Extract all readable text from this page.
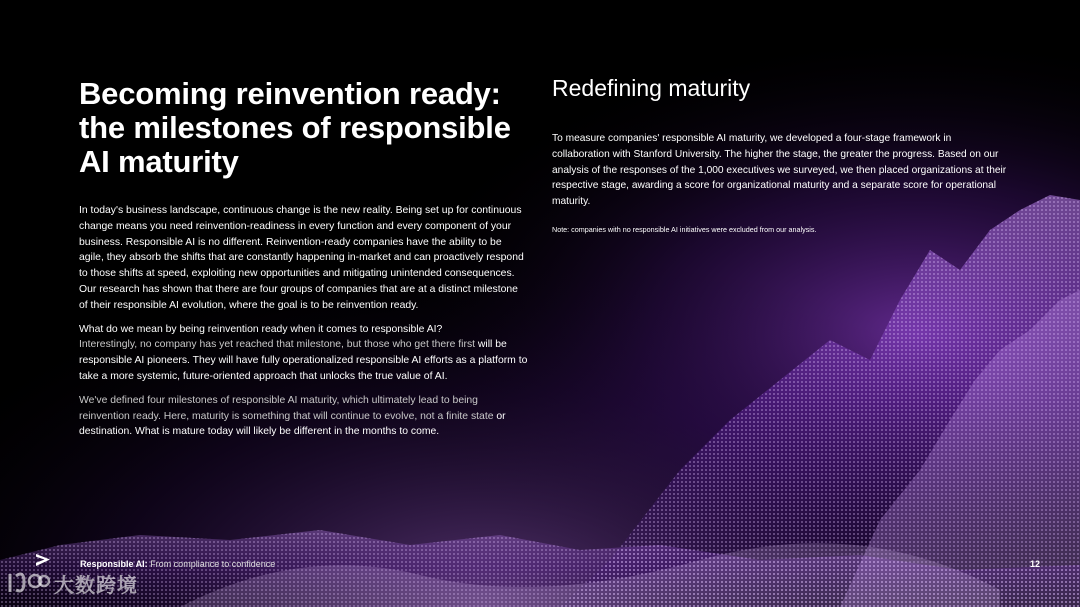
Becoming reinvention ready:
the milestones of responsible
AI maturity

In today's business landscape, continuous change is the new reality. Being set up for continuous change means you need reinvention-readiness in every function and every component of your business. Responsible AI is no different. Reinvention-ready companies have the ability to be agile, they absorb the shifts that are constantly happening in-market and can proactively respond to those shifts at speed, exploiting new opportunities and mitigating unintended consequences. Our research has shown that there are four groups of companies that are at a distinct milestone of their responsible AI evolution, where the goal is to be reinvention ready.

What do we mean by being reinvention ready when it comes to responsible AI?
Interestingly, no company has yet reached that milestone, but those who get there first will be responsible AI pioneers. They will have fully operationalized responsible AI efforts as a platform to take a more systemic, future-oriented approach that unlocks the true value of AI.

We've defined four milestones of responsible AI maturity, which ultimately lead to being reinvention ready. Here, maturity is something that will continue to evolve, not a finite state or destination. What is mature today will likely be different in the months to come.

Redefining maturity

To measure companies' responsible AI maturity, we developed a four-stage framework in collaboration with Stanford University. The higher the stage, the greater the progress. Based on our analysis of the responses of the 1,000 executives we surveyed, we then placed organizations at their respective stage, awarding a score for organizational maturity and a separate score for operational maturity.

Note: companies with no responsible AI initiatives were excluded from our analysis.
Responsible AI: From compliance to confidence	12
大数跨境
